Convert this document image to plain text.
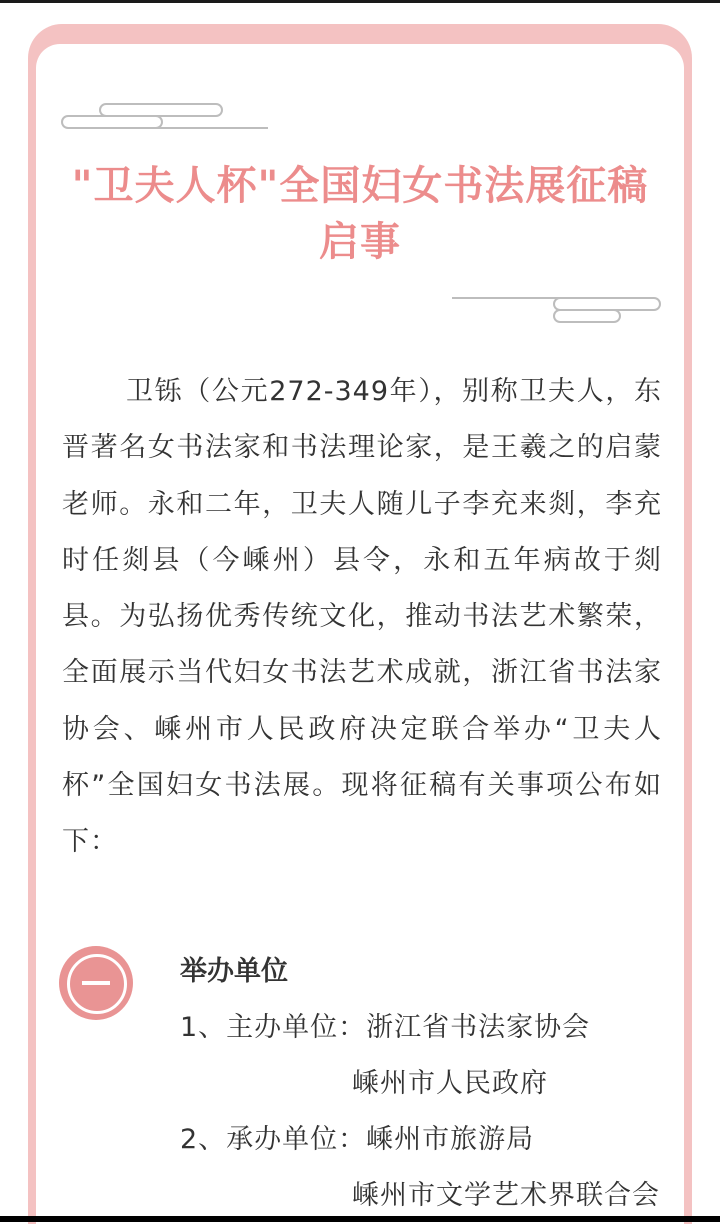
"卫夫人杯"全国妇女书法展征稿启事

卫铄（公元272-349年），别称卫夫人，东晋著名女书法家和书法理论家，是王羲之的启蒙老师。永和二年，卫夫人随儿子李充来剡，李充时任剡县（今嵊州）县令，永和五年病故于剡县。为弘扬优秀传统文化，推动书法艺术繁荣，全面展示当代妇女书法艺术成就，浙江省书法家协会、嵊州市人民政府决定联合举办“卫夫人杯”全国妇女书法展。现将征稿有关事项公布如下：

举办单位
1、主办单位：浙江省书法家协会
嵊州市人民政府
2、承办单位：嵊州市旅游局
嵊州市文学艺术界联合会
